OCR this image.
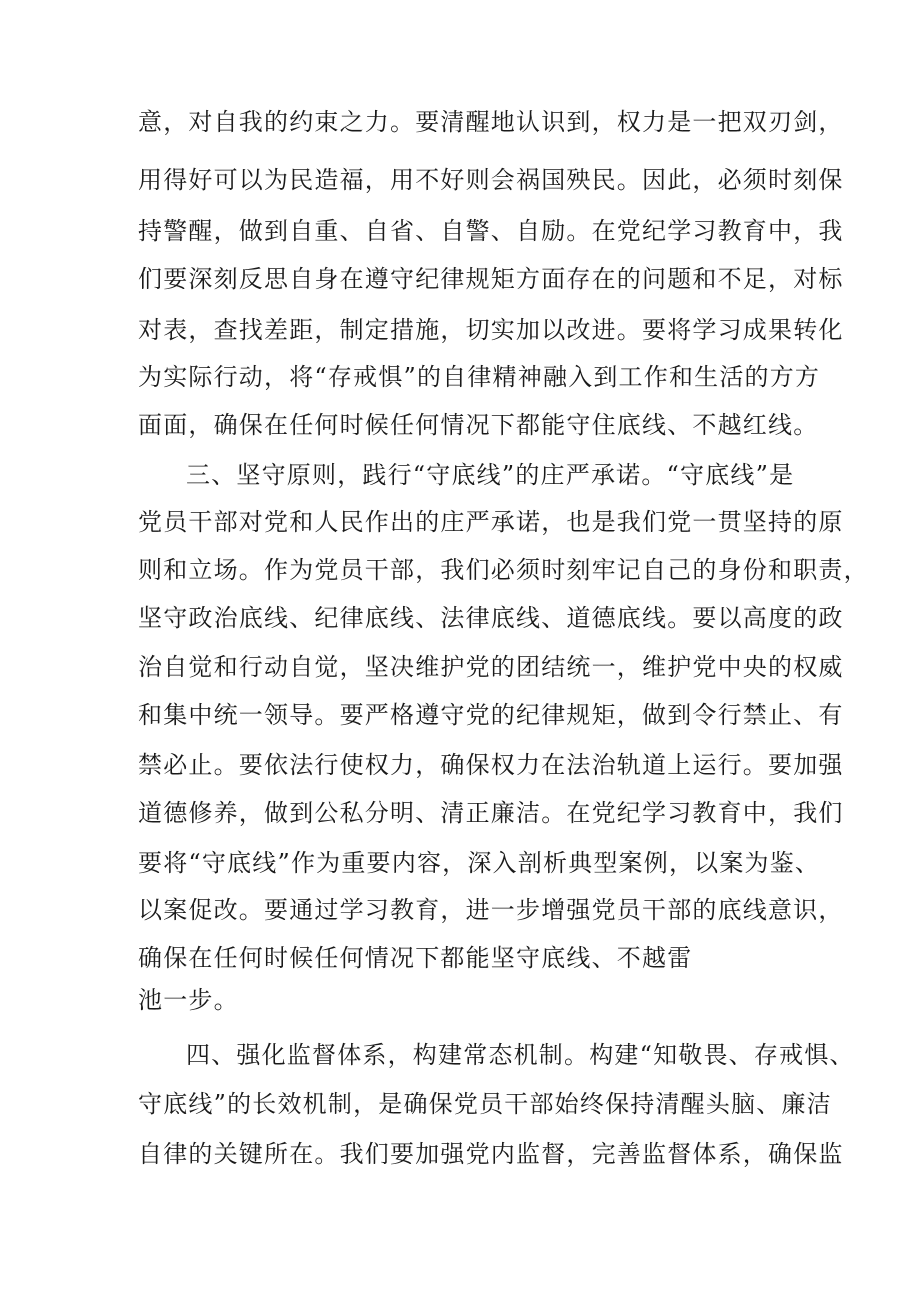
意，对自我的约束之力。要清醒地认识到，权力是一把双刃剑，
用得好可以为民造福，用不好则会祸国殃民。因此，必须时刻保
持警醒，做到自重、自省、自警、自励。在党纪学习教育中，我
们要深刻反思自身在遵守纪律规矩方面存在的问题和不足，对标
对表，查找差距，制定措施，切实加以改进。要将学习成果转化
为实际行动，将“存戒惧”的自律精神融入到工作和生活的方方
面面，确保在任何时候任何情况下都能守住底线、不越红线。
三、坚守原则，践行“守底线”的庄严承诺。“守底线”是
党员干部对党和人民作出的庄严承诺，也是我们党一贯坚持的原
则和立场。作为党员干部，我们必须时刻牢记自己的身份和职责，
坚守政治底线、纪律底线、法律底线、道德底线。要以高度的政
治自觉和行动自觉，坚决维护党的团结统一，维护党中央的权威
和集中统一领导。要严格遵守党的纪律规矩，做到令行禁止、有
禁必止。要依法行使权力，确保权力在法治轨道上运行。要加强
道德修养，做到公私分明、清正廉洁。在党纪学习教育中，我们
要将“守底线”作为重要内容，深入剖析典型案例，以案为鉴、
以案促改。要通过学习教育，进一步增强党员干部的底线意识，
确保在任何时候任何情况下都能坚守底线、不越雷
池一步。
四、强化监督体系，构建常态机制。构建“知敬畏、存戒惧、
守底线”的长效机制，是确保党员干部始终保持清醒头脑、廉洁
自律的关键所在。我们要加强党内监督，完善监督体系，确保监
